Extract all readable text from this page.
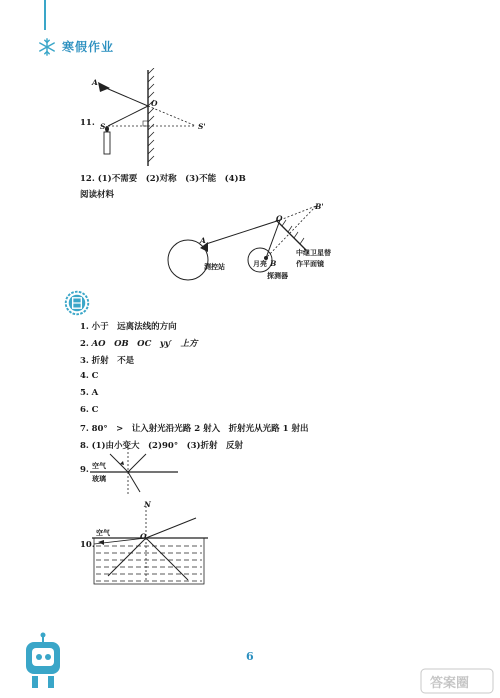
寒假作业
11.
A
O
S	S'
12. (1)不需要　(2)对称　(3)不能　(4)B
阅读材料
A
O
B'
B
测控站	月亮
探测器
中继卫星替
作平面镜
1. 小于　远离法线的方向
2. AO　OB　OC　yy′　上方
3. 折射　不是
4. C
5. A
6. C
7. 80°　>　让入射光沿光路 2 射入　折射光从光路 1 射出
8. (1)由小变大　(2)90°　(3)折射　反射
9. 空气
玻璃
10.
空气
N
O
6
答案圈
